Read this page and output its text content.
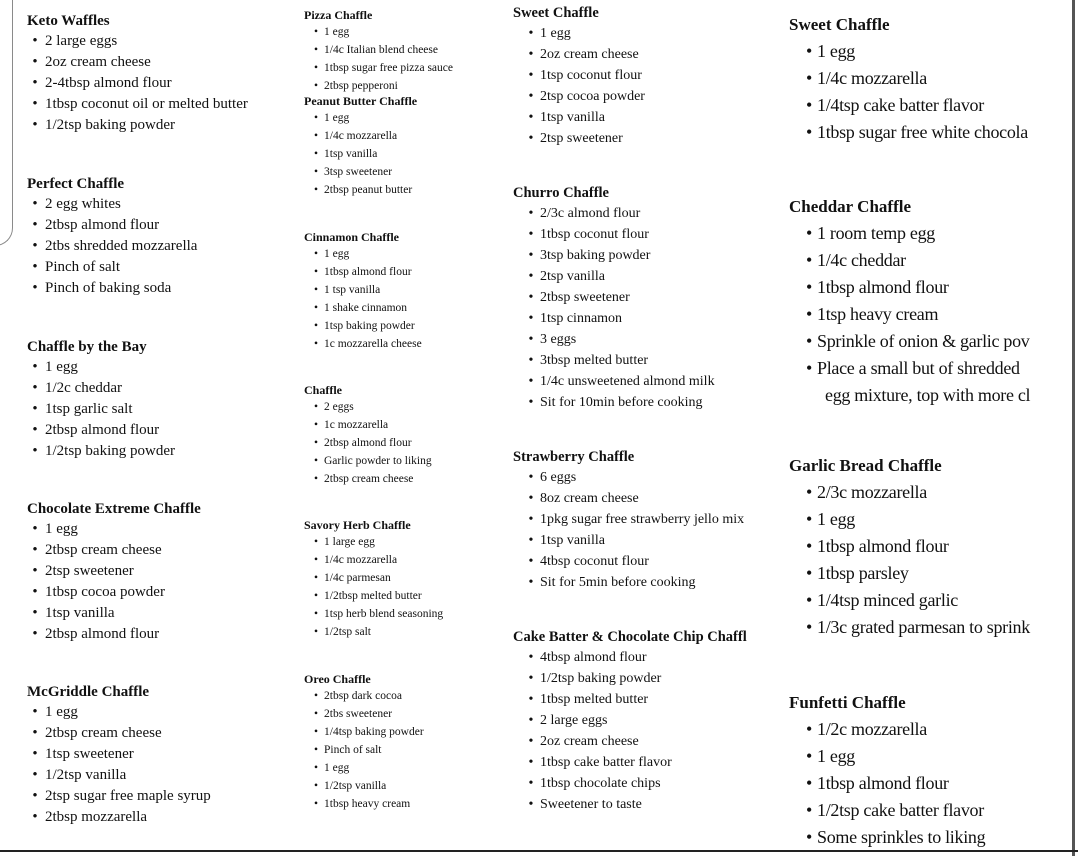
Keto Waffles
• 2 large eggs
• 2oz cream cheese
• 2-4tbsp almond flour
• 1tbsp coconut oil or melted butter
• 1/2tsp baking powder
Perfect Chaffle
• 2 egg whites
• 2tbsp almond flour
• 2tbs shredded mozzarella
• Pinch of salt
• Pinch of baking soda
Chaffle by the Bay
• 1 egg
• 1/2c cheddar
• 1tsp garlic salt
• 2tbsp almond flour
• 1/2tsp baking powder
Chocolate Extreme Chaffle
• 1 egg
• 2tbsp cream cheese
• 2tsp sweetener
• 1tbsp cocoa powder
• 1tsp vanilla
• 2tbsp almond flour
McGriddle Chaffle
• 1 egg
• 2tbsp cream cheese
• 1tsp sweetener
• 1/2tsp vanilla
• 2tsp sugar free maple syrup
• 2tbsp mozzarella
Pizza Chaffle
• 1 egg
• 1/4c Italian blend cheese
• 1tbsp sugar free pizza sauce
• 2tbsp pepperoni
Peanut Butter Chaffle
• 1 egg
• 1/4c mozzarella
• 1tsp vanilla
• 3tsp sweetener
• 2tbsp peanut butter
Cinnamon Chaffle
• 1 egg
• 1tbsp almond flour
• 1 tsp vanilla
• 1 shake cinnamon
• 1tsp baking powder
• 1c mozzarella cheese
Chaffle
• 2 eggs
• 1c mozzarella
• 2tbsp almond flour
• Garlic powder to liking
• 2tbsp cream cheese
Savory Herb Chaffle
• 1 large egg
• 1/4c mozzarella
• 1/4c parmesan
• 1/2tbsp melted butter
• 1tsp herb blend seasoning
• 1/2tsp salt
Oreo Chaffle
• 2tbsp dark cocoa
• 2tbs sweetener
• 1/4tsp baking powder
• Pinch of salt
• 1 egg
• 1/2tsp vanilla
• 1tbsp heavy cream
Sweet Chaffle
• 1 egg
• 2oz cream cheese
• 1tsp coconut flour
• 2tsp cocoa powder
• 1tsp vanilla
• 2tsp sweetener
Churro Chaffle
• 2/3c almond flour
• 1tbsp coconut flour
• 3tsp baking powder
• 2tsp vanilla
• 2tbsp sweetener
• 1tsp cinnamon
• 3 eggs
• 3tbsp melted butter
• 1/4c unsweetened almond milk
• Sit for 10min before cooking
Strawberry Chaffle
• 6 eggs
• 8oz cream cheese
• 1pkg sugar free strawberry jello mix
• 1tsp vanilla
• 4tbsp coconut flour
• Sit for 5min before cooking
Cake Batter & Chocolate Chip Chaffl
• 4tbsp almond flour
• 1/2tsp baking powder
• 1tbsp melted butter
• 2 large eggs
• 2oz cream cheese
• 1tbsp cake batter flavor
• 1tbsp chocolate chips
• Sweetener to taste
Sweet Chaffle
• 1 egg
• 1/4c mozzarella
• 1/4tsp cake batter flavor
• 1tbsp sugar free white chocola
Cheddar Chaffle
• 1 room temp egg
• 1/4c cheddar
• 1tbsp almond flour
• 1tsp heavy cream
• Sprinkle of onion & garlic pov
• Place a small but of shredded
egg mixture, top with more cl
Garlic Bread Chaffle
• 2/3c mozzarella
• 1 egg
• 1tbsp almond flour
• 1tbsp parsley
• 1/4tsp minced garlic
• 1/3c grated parmesan to sprink
Funfetti Chaffle
• 1/2c mozzarella
• 1 egg
• 1tbsp almond flour
• 1/2tsp cake batter flavor
• Some sprinkles to liking
